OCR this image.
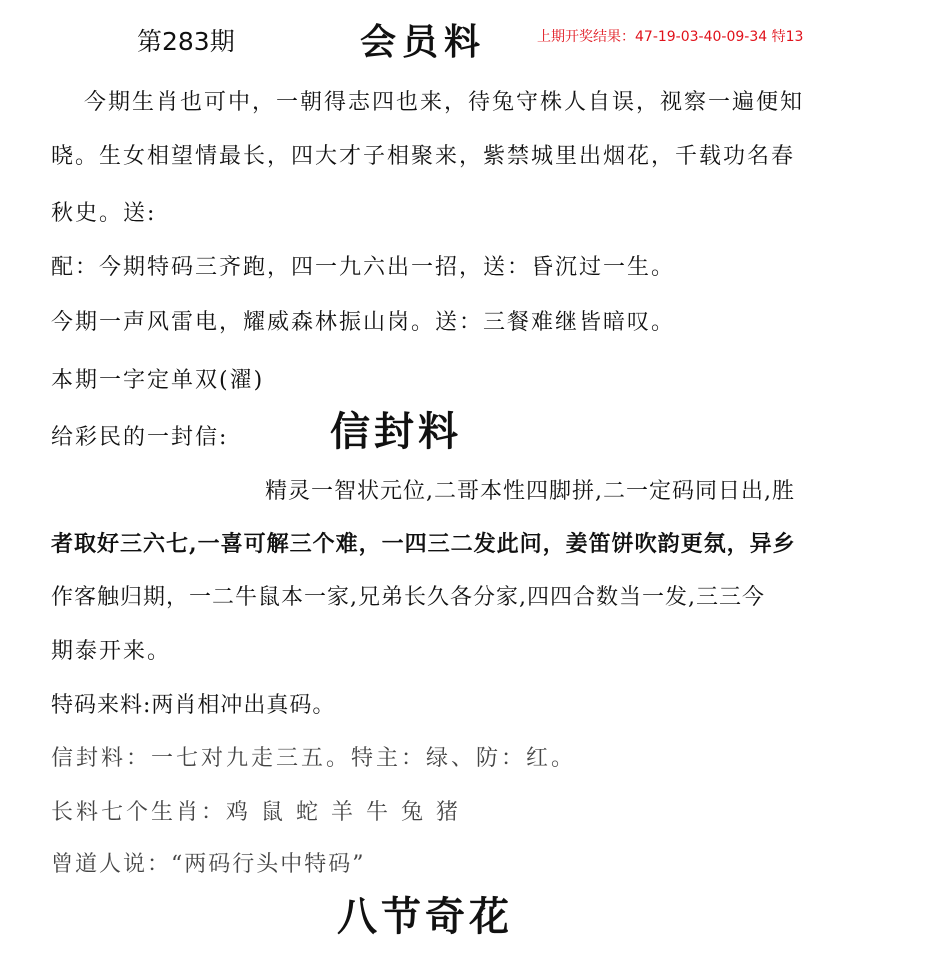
第283期	会员料	上期开奖结果：47-19-03-40-09-34 特13
今期生肖也可中，一朝得志四也来，待兔守株人自误，视察一遍便知
晓。生女相望情最长，四大才子相聚来，紫禁城里出烟花，千载功名春
秋史。送:
配：今期特码三齐跑，四一九六出一招，送：昏沉过一生。
今期一声风雷电，耀威森林振山岗。送：三餐难继皆暗叹。
本期一字定单双(濯)
给彩民的一封信:	信封料
精灵一智状元位,二哥本性四脚拼,二一定码同日出,胜
者取好三六七,一喜可解三个难，一四三二发此问，姜笛饼吹韵更氛，异乡
作客触归期，一二牛鼠本一家,兄弟长久各分家,四四合数当一发,三三今
期泰开来。
特码来料:两肖相冲出真码。
信封料：一七对九走三五。特主：绿、防：红。
长料七个生肖：鸡 鼠 蛇 羊 牛 兔 猪
曾道人说：“两码行头中特码”
八节奇花
